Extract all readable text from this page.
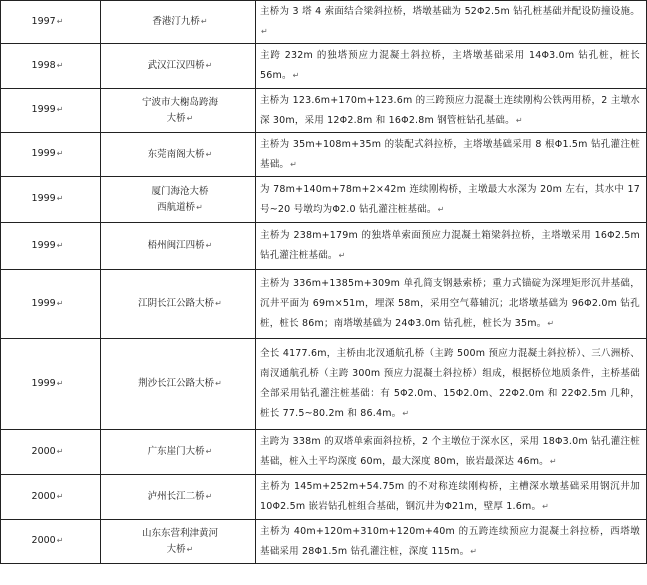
1997↵	香港汀九桥↵	主桥为 3 塔 4 索面结合梁斜拉桥，塔墩基础为 52Φ2.5m 钻孔桩基础并配设防撞设施。↵
1998↵	武汉江汉四桥↵	主跨 232m 的独塔预应力混凝土斜拉桥，主塔墩基础采用 14Φ3.0m 钻孔桩，桩长 56m。↵
1999↵	宁波市大榭岛跨海
大桥↵	主桥为 123.6m+170m+123.6m 的三跨预应力混凝土连续刚构公铁两用桥，2 主墩水深 30m，采用 12Φ2.8m 和 16Φ2.8m 钢管桩钻孔基础。↵
1999↵	东莞南阁大桥↵	主桥为 35m+108m+35m 的装配式斜拉桥，主塔墩基础采用 8 根Φ1.5m 钻孔灌注桩基础。↵
1999↵	厦门海沧大桥
西航道桥↵	为 78m+140m+78m+2×42m 连续刚构桥，主墩最大水深为 20m 左右，其水中 17 号~20 号墩均为Φ2.0 钻孔灌注桩基础。↵
1999↵	梧州闽江四桥↵	主桥为 238m+179m 的独塔单索面预应力混凝土箱梁斜拉桥，主塔墩采用 16Φ2.5m 钻孔灌注桩基础。↵
1999↵	江阴长江公路大桥↵	主桥为 336m+1385m+309m 单孔简支钢悬索桥；重力式锚碇为深埋矩形沉井基础，沉井平面为 69m×51m，埋深 58m，采用空气幕辅沉；北塔墩基础为 96Φ2.0m 钻孔桩，桩长 86m；南塔墩基础为 24Φ3.0m 钻孔桩，桩长为 35m。↵
1999↵	荆沙长江公路大桥↵	全长 4177.6m，主桥由北汊通航孔桥（主跨 500m 预应力混凝土斜拉桥）、三八洲桥、南汊通航孔桥（主跨 300m 预应力混凝土斜拉桥）组成，根据桥位地质条件，主桥基础全部采用钻孔灌注桩基础：有 5Φ2.0m、15Φ2.0m、22Φ2.0m 和 22Φ2.5m 几种，桩长 77.5~80.2m 和 86.4m。↵
2000↵	广东崖门大桥↵	主跨为 338m 的双塔单索面斜拉桥，2 个主墩位于深水区，采用 18Φ3.0m 钻孔灌注桩基础，桩入土平均深度 60m，最大深度 80m，嵌岩最深达 46m。↵
2000↵	泸州长江二桥↵	主桥为 145m+252m+54.75m 的不对称连续刚构桥，主槽深水墩基础采用钢沉井加 10Φ2.5m 嵌岩钻孔桩组合基础，钢沉井为Φ21m，壁厚 1.6m。↵
2000↵	山东东营利津黄河
大桥↵	主桥为 40m+120m+310m+120m+40m 的五跨连续预应力混凝土斜拉桥，西塔墩基础采用 28Φ1.5m 钻孔灌注桩，深度 115m。↵
